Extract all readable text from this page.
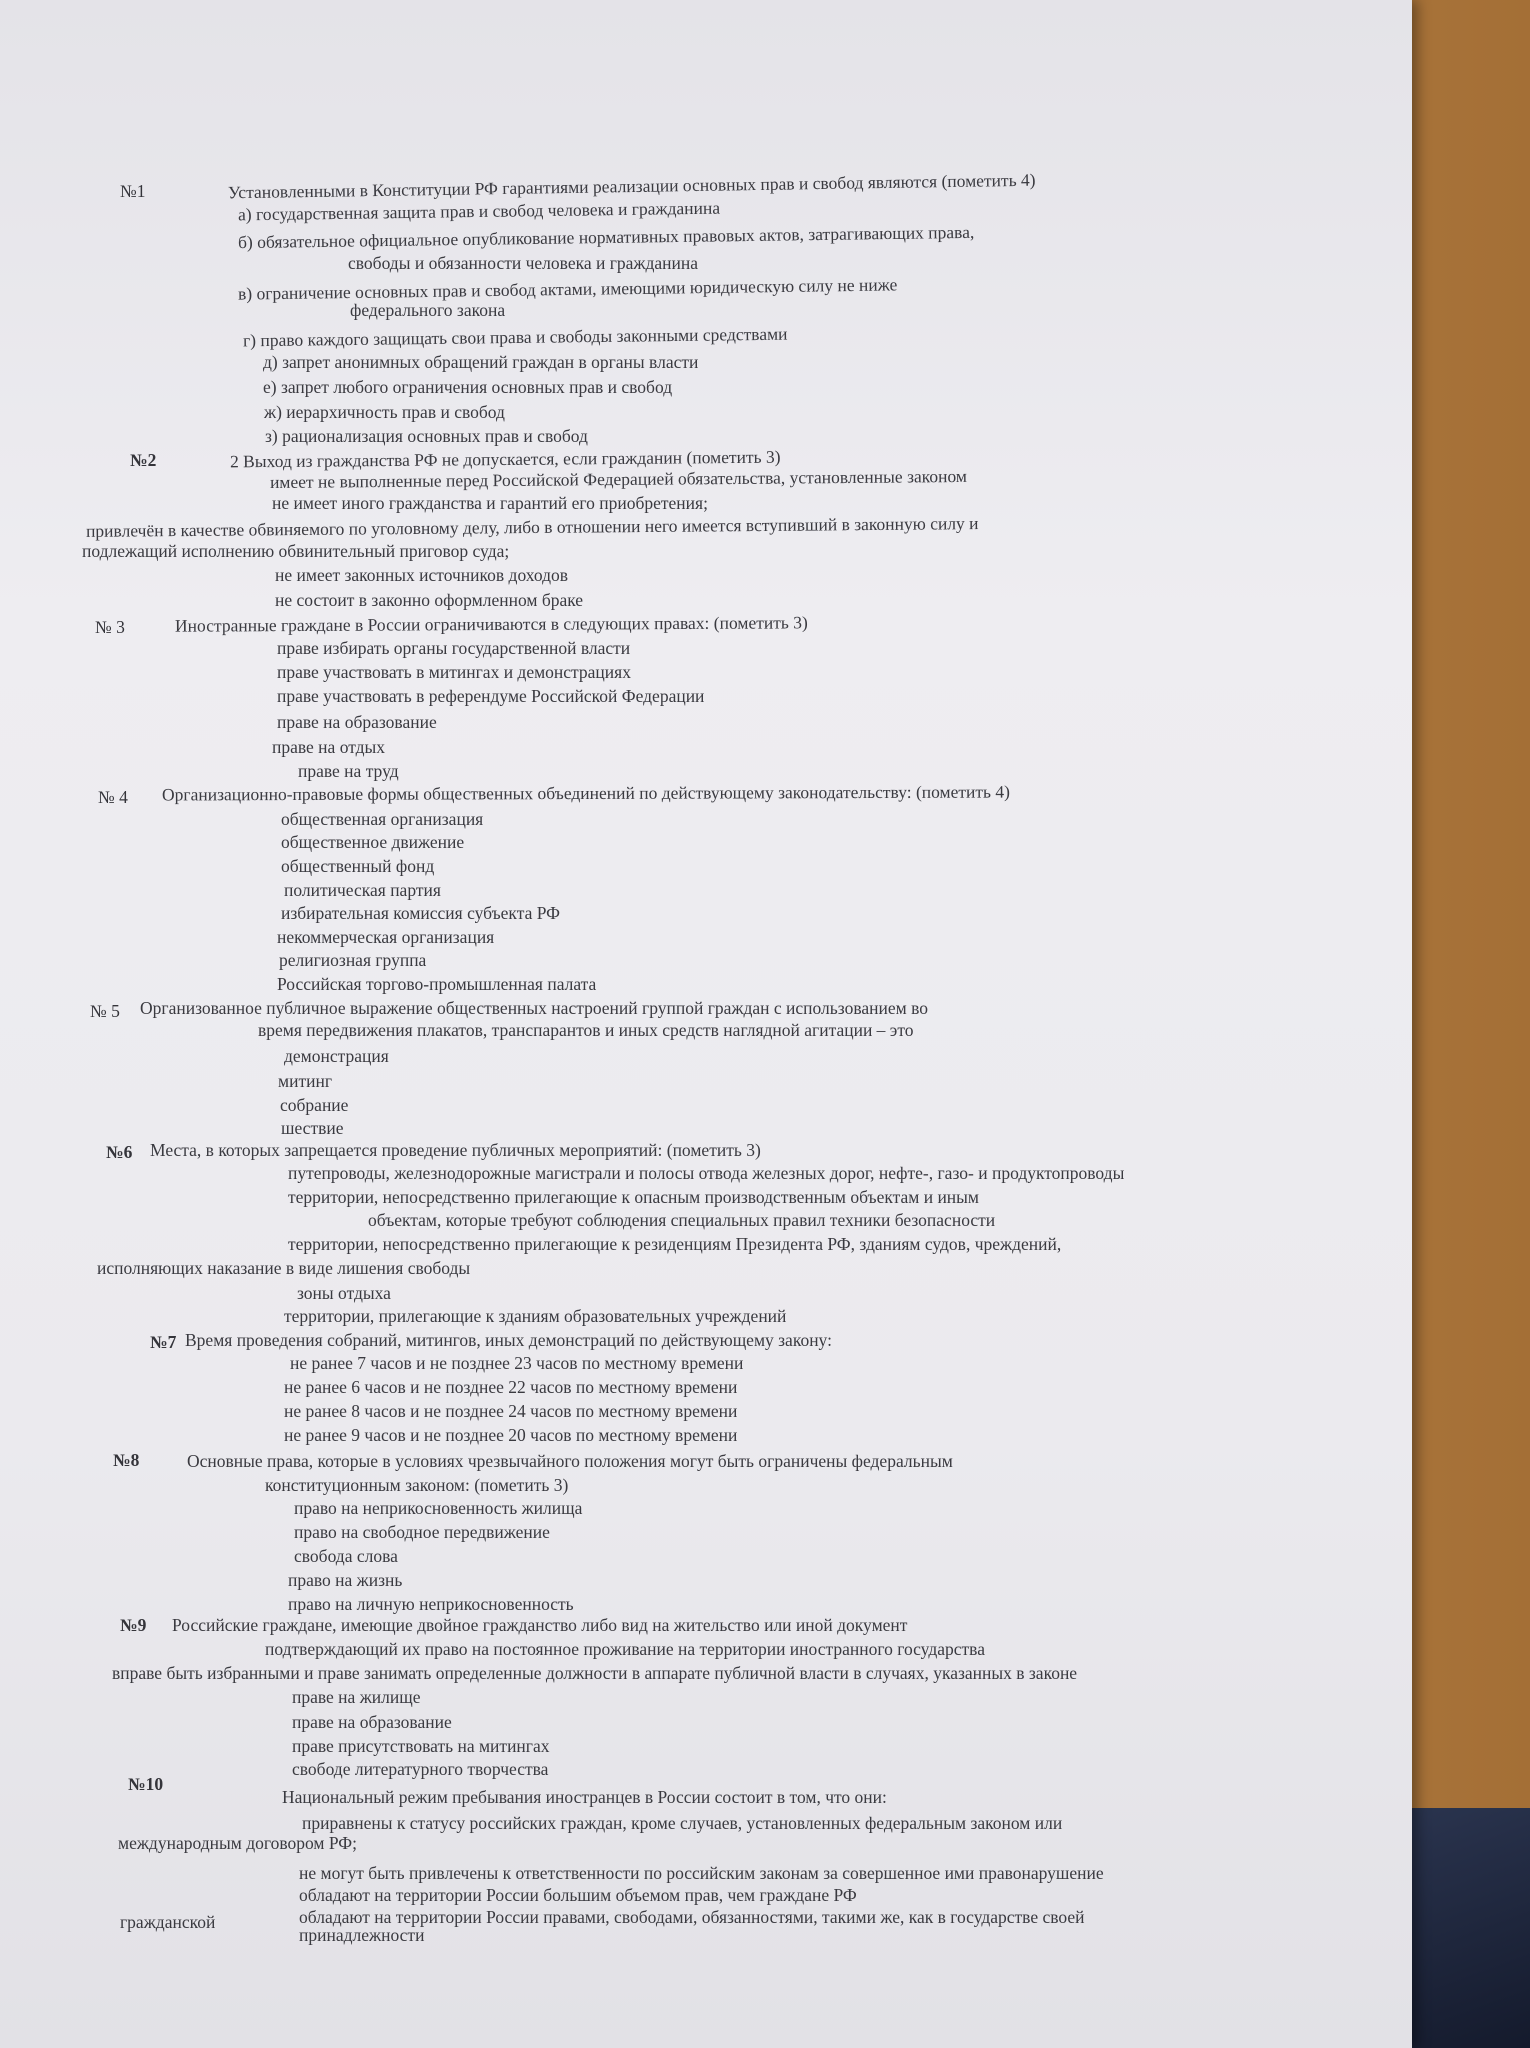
№1	Установленными в Конституции РФ гарантиями реализации основных прав и свобод являются (пометить 4)
а) государственная защита прав и свобод человека и гражданина
б) обязательное официальное опубликование нормативных правовых актов, затрагивающих права,
свободы и обязанности человека и гражданина
в) ограничение основных прав и свобод актами, имеющими юридическую силу не ниже
федерального закона
г) право каждого защищать свои права и свободы законными средствами
д) запрет анонимных обращений граждан в органы власти
е) запрет любого ограничения основных прав и свобод
ж) иерархичность прав и свобод
з) рационализация основных прав и свобод
№2	2 Выход из гражданства РФ не допускается, если гражданин (пометить 3)
имеет не выполненные перед Российской Федерацией обязательства, установленные законом
не имеет иного гражданства и гарантий его приобретения;
привлечён в качестве обвиняемого по уголовному делу, либо в отношении него имеется вступивший в законную силу и
подлежащий исполнению обвинительный приговор суда;
не имеет законных источников доходов
не состоит в законно оформленном браке
№ 3	Иностранные граждане в России ограничиваются в следующих правах: (пометить 3)
праве избирать органы государственной власти
праве участвовать в митингах и демонстрациях
праве участвовать в референдуме Российской Федерации
праве на образование
праве на отдых
праве на труд
№ 4 Организационно-правовые формы общественных объединений по действующему законодательству: (пометить 4)
общественная организация
общественное движение
общественный фонд
политическая партия
избирательная комиссия субъекта РФ
некоммерческая организация
религиозная группа
Российская торгово-промышленная палата
№ 5 Организованное публичное выражение общественных настроений группой граждан с использованием во
время передвижения плакатов, транспарантов и иных средств наглядной агитации – это
демонстрация
митинг
собрание
шествие
№6 Места, в которых запрещается проведение публичных мероприятий: (пометить 3)
путепроводы, железнодорожные магистрали и полосы отвода железных дорог, нефте-, газо- и продуктопроводы
территории, непосредственно прилегающие к опасным производственным объектам и иным
объектам, которые требуют соблюдения специальных правил техники безопасности
территории, непосредственно прилегающие к резиденциям Президента РФ, зданиям судов, чреждений,
исполняющих наказание в виде лишения свободы
зоны отдыха
территории, прилегающие к зданиям образовательных учреждений
№7 Время проведения собраний, митингов, иных демонстраций по действующему закону:
не ранее 7 часов и не позднее 23 часов по местному времени
не ранее 6 часов и не позднее 22 часов по местному времени
не ранее 8 часов и не позднее 24 часов по местному времени
не ранее 9 часов и не позднее 20 часов по местному времени
№8	Основные права, которые в условиях чрезвычайного положения могут быть ограничены федеральным
конституционным законом: (пометить 3)
право на неприкосновенность жилища
право на свободное передвижение
свобода слова
право на жизнь
право на личную неприкосновенность
№9 Российские граждане, имеющие двойное гражданство либо вид на жительство или иной документ
подтверждающий их право на постоянное проживание на территории иностранного государства
вправе быть избранными и праве занимать определенные должности в аппарате публичной власти в случаях, указанных в законе
праве на жилище
праве на образование
праве присутствовать на митингах
свободе литературного творчества
№10
Национальный режим пребывания иностранцев в России состоит в том, что они:
приравнены к статусу российских граждан, кроме случаев, установленных федеральным законом или
международным договором РФ;
не могут быть привлечены к ответственности по российским законам за совершенное ими правонарушение
обладают на территории России большим объемом прав, чем граждане РФ
обладают на территории России правами, свободами, обязанностями, такими же, как в государстве своей
гражданской
принадлежности
